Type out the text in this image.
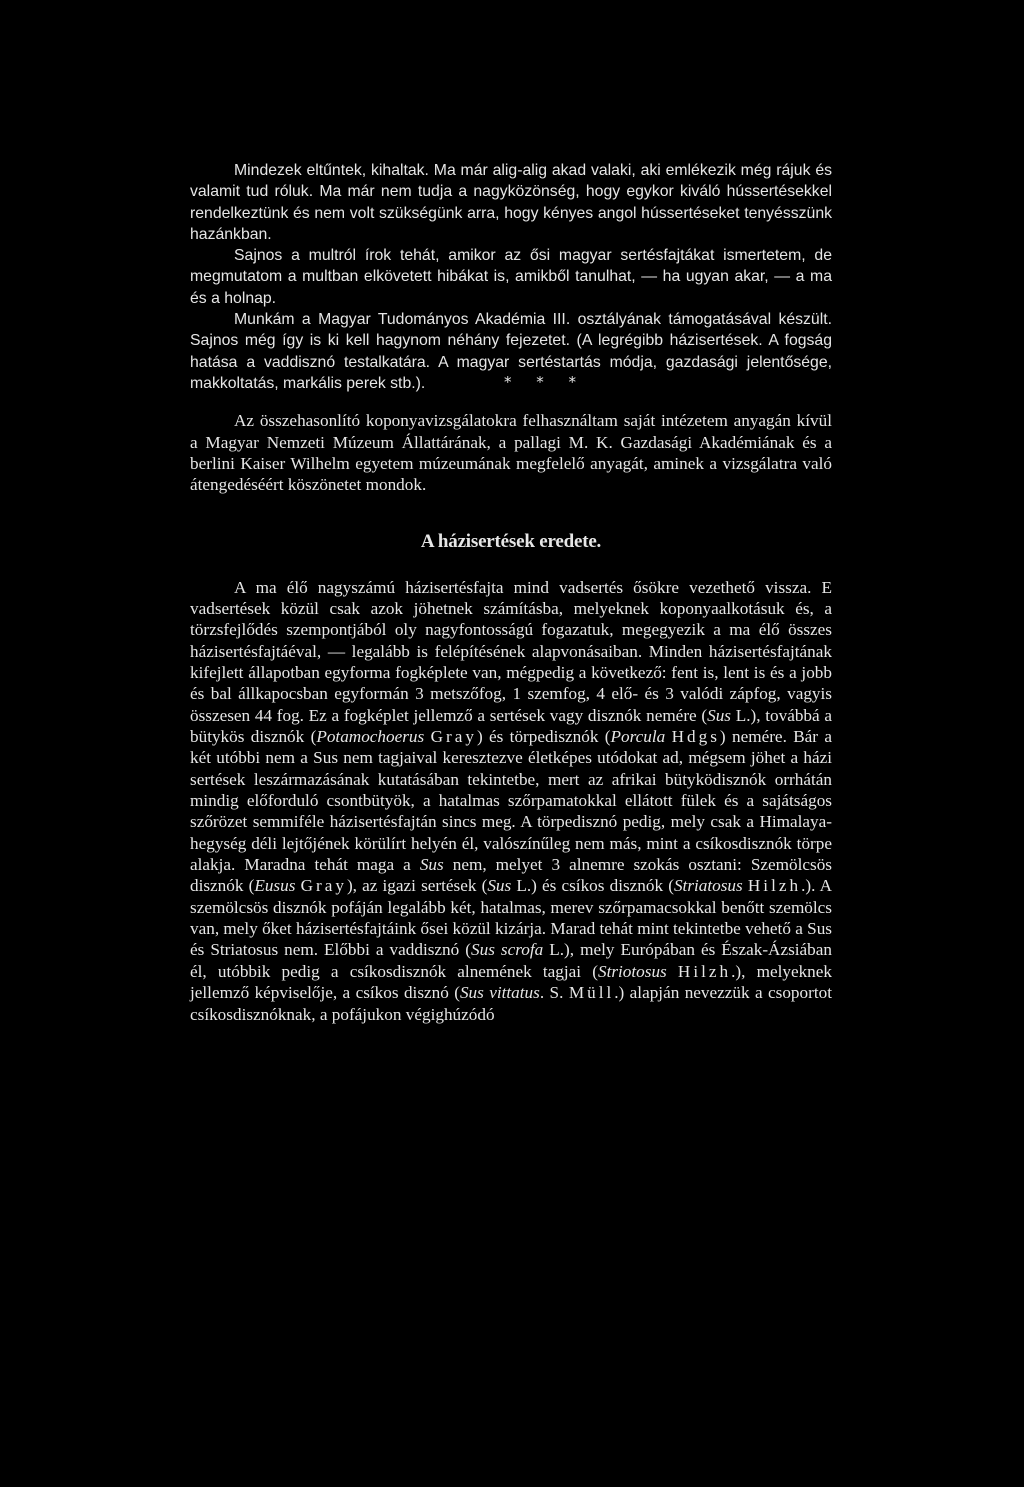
Mindezek eltűntek, kihaltak. Ma már alig-alig akad valaki, aki emlékezik még rájuk és valamit tud róluk. Ma már nem tudja a nagyközönség, hogy egykor kiváló hússertésekkel rendelkeztünk és nem volt szükségünk arra, hogy kényes angol hússertéseket tenyésszünk hazánkban.

Sajnos a multról írok tehát, amikor az ősi magyar sertésfajtákat ismertetem, de megmutatom a multban elkövetett hibákat is, amikből tanulhat, — ha ugyan akar, — a ma és a holnap.

Munkám a Magyar Tudományos Akadémia III. osztályának támogatásával készült. Sajnos még így is ki kell hagynom néhány fejezetet. (A legrégibb házisertések. A fogság hatása a vaddisznó testalkatára. A magyar sertéstartás módja, gazdasági jelentősége, makkoltatás, markális perek stb.).	* * *

Az összehasonlító koponyavizsgálatokra felhasználtam saját intézetem anyagán kívül a Magyar Nemzeti Múzeum Állattárának, a pallagi M. K. Gazdasági Akadémiának és a berlini Kaiser Wilhelm egyetem múzeumának megfelelő anyagát, aminek a vizsgálatra való átengedéséért köszönetet mondok.

A házisertések eredete.

A ma élő nagyszámú házisertésfajta mind vadsertés ősökre vezethető vissza. E vadsertések közül csak azok jöhetnek számításba, melyeknek koponyaalkotásuk és, a törzsfejlődés szempontjából oly nagyfontosságú fogazatuk, megegyezik a ma élő összes házisertésfajtáéval, — legalább is felépítésének alapvonásaiban. Minden házisertésfajtának kifejlett állapotban egyforma fogképlete van, mégpedig a következő: fent is, lent is és a jobb és bal állkapocsban egyformán 3 metszőfog, 1 szemfog, 4 elő- és 3 valódi zápfog, vagyis összesen 44 fog. Ez a fogképlet jellemző a sertések vagy disznók nemére (Sus L.), továbbá a bütykös disznók (Potamochoerus Gray) és törpedisznók (Porcula Hdgs) nemére. Bár a két utóbbi nem a Sus nem tagjaival keresztezve életképes utódokat ad, mégsem jöhet a házi sertések leszármazásának kutatásában tekintetbe, mert az afrikai bütyködisznók orrhátán mindig előforduló csontbütyök, a hatalmas szőrpamatokkal ellátott fülek és a sajátságos szőrözet semmiféle házisertésfajtán sincs meg. A törpedisznó pedig, mely csak a Himalaya-hegység déli lejtőjének körülírt helyén él, valószínűleg nem más, mint a csíkosdisznók törpe alakja. Maradna tehát maga a Sus nem, melyet 3 alnemre szokás osztani: Szemölcsös disznók (Eusus Gray), az igazi sertések (Sus L.) és csíkos disznók (Striatosus Hilzh.). A szemölcsös disznók pofáján legalább két, hatalmas, merev szőrpamacsokkal benőtt szemölcs van, mely őket házisertésfajtáink ősei közül kizárja. Marad tehát mint tekintetbe vehető a Sus és Striatosus nem. Előbbi a vaddisznó (Sus scrofa L.), mely Európában és Észak-Ázsiában él, utóbbik pedig a csíkosdisznók alnemének tagjai (Striotosus Hilzh.), melyeknek jellemző képviselője, a csíkos disznó (Sus vittatus. S. Müll.) alapján nevezzük a csoportot csíkosdisznóknak, a pofájukon végighúzódó
